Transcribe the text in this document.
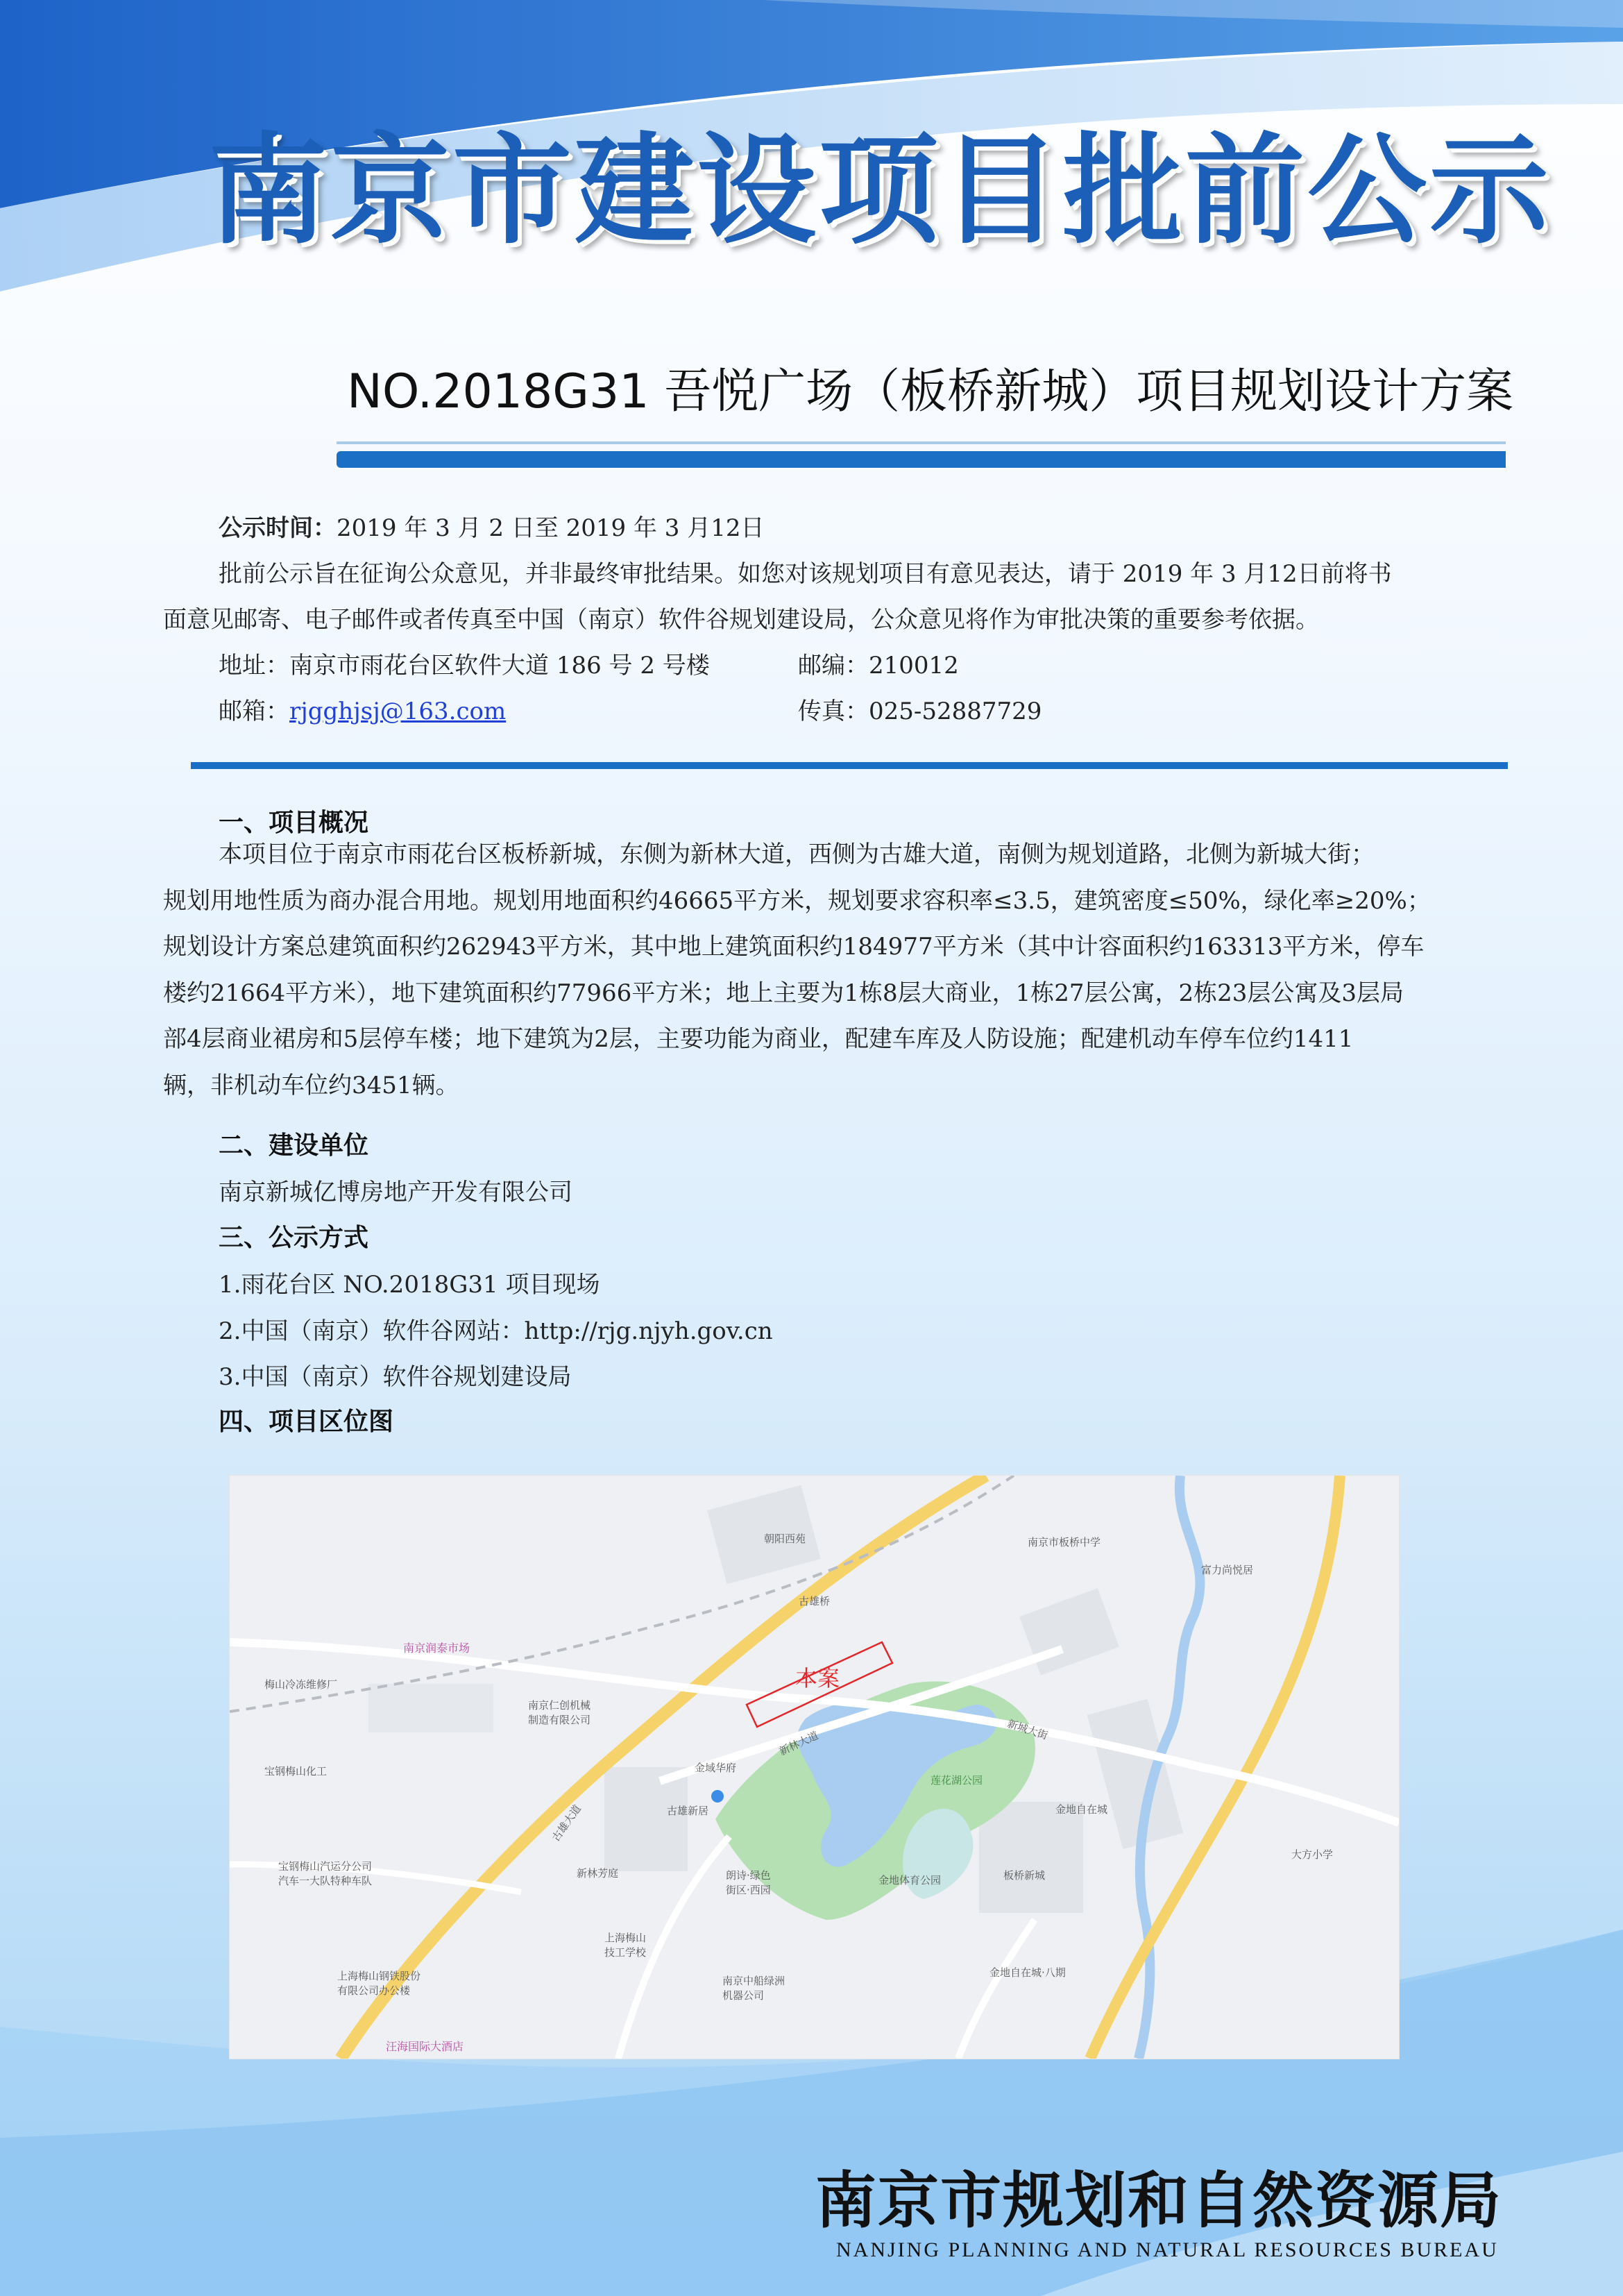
南京市建设项目批前公示
NO.2018G31 吾悦广场（板桥新城）项目规划设计方案
公示时间：2019 年 3 月 2 日至 2019 年 3 月12日
批前公示旨在征询公众意见，并非最终审批结果。如您对该规划项目有意见表达，请于 2019 年 3 月12日前将书
面意见邮寄、电子邮件或者传真至中国（南京）软件谷规划建设局，公众意见将作为审批决策的重要参考依据。
地址：南京市雨花台区软件大道 186 号 2 号楼	邮编：210012
邮箱：rjgghjsj@163.com	传真：025-52887729
一、项目概况
本项目位于南京市雨花台区板桥新城，东侧为新林大道，西侧为古雄大道，南侧为规划道路，北侧为新城大街；
规划用地性质为商办混合用地。规划用地面积约46665平方米，规划要求容积率≤3.5，建筑密度≤50%，绿化率≥20%；
规划设计方案总建筑面积约262943平方米，其中地上建筑面积约184977平方米（其中计容面积约163313平方米，停车
楼约21664平方米），地下建筑面积约77966平方米；地上主要为1栋8层大商业，1栋27层公寓，2栋23层公寓及3层局
部4层商业裙房和5层停车楼；地下建筑为2层，主要功能为商业，配建车库及人防设施；配建机动车停车位约1411
辆，非机动车位约3451辆。
二、建设单位
南京新城亿博房地产开发有限公司
三、公示方式
1.雨花台区 NO.2018G31 项目现场
2.中国（南京）软件谷网站：http://rjg.njyh.gov.cn
3.中国（南京）软件谷规划建设局
四、项目区位图
本案
朝阳西苑	南京市板桥中学
富力尚悦居
古雄桥
南京润泰市场
梅山冷冻维修厂
南京仁创机械
制造有限公司
宝钢梅山化工	金域华府
古雄新居
莲花湖公园
金地自在城
新林芳庭
宝钢梅山汽运分公司
汽车一大队特种车队	朗诗·绿色
街区·西园
金地体育公园	板桥新城
大方小学
上海梅山
技工学校
上海梅山钢铁股份
有限公司办公楼
南京中船绿洲
机器公司
金地自在城·八期
汪海国际大酒店
新城大街
新林大道
古雄大道
南京市规划和自然资源局
NANJING PLANNING AND NATURAL RESOURCES BUREAU
